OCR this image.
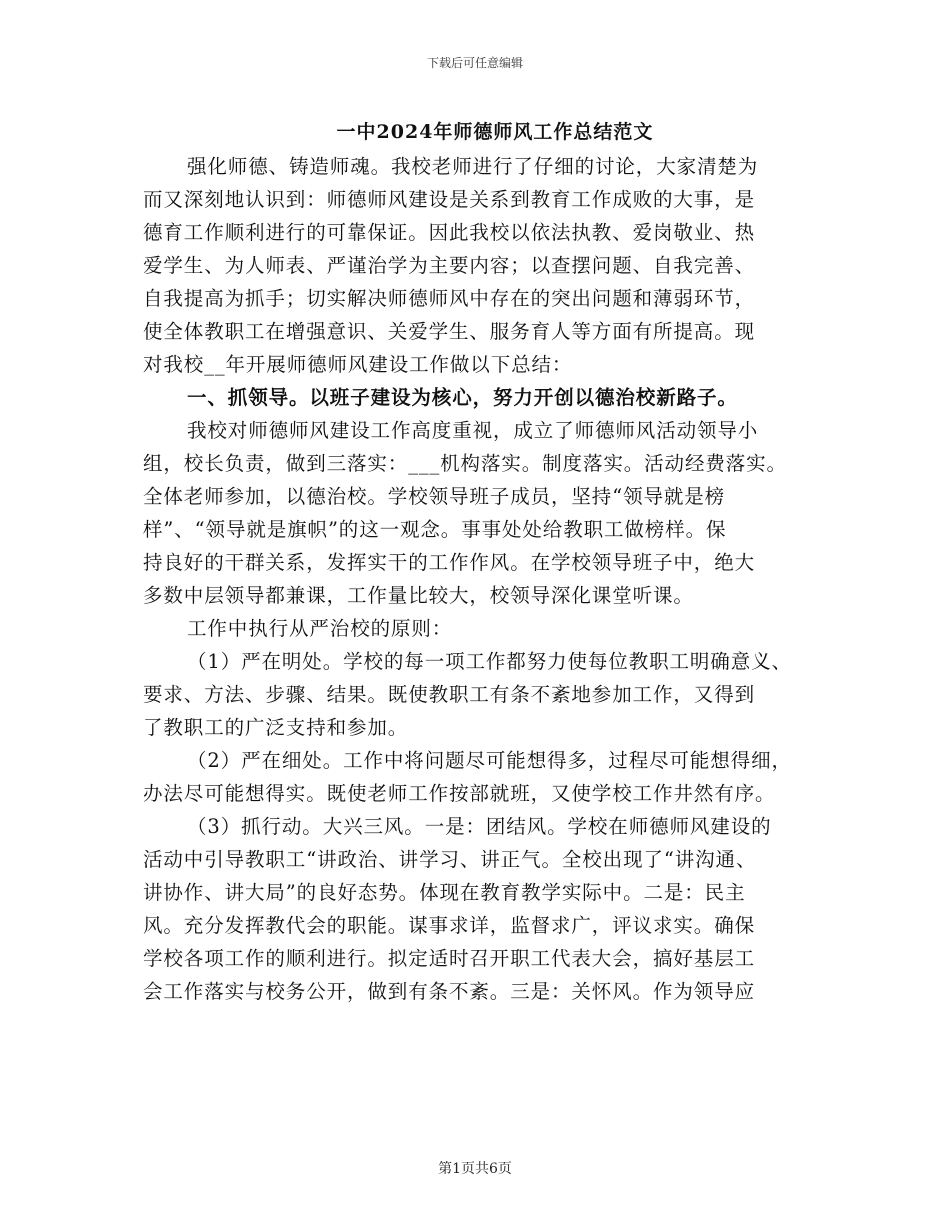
下载后可任意编辑
一中2024年师德师风工作总结范文
强化师德、铸造师魂。我校老师进行了仔细的讨论，大家清楚为
而又深刻地认识到：师德师风建设是关系到教育工作成败的大事，是
德育工作顺利进行的可靠保证。因此我校以依法执教、爱岗敬业、热
爱学生、为人师表、严谨治学为主要内容；以查摆问题、自我完善、
自我提高为抓手；切实解决师德师风中存在的突出问题和薄弱环节，
使全体教职工在增强意识、关爱学生、服务育人等方面有所提高。现
对我校__年开展师德师风建设工作做以下总结：
一、抓领导。以班子建设为核心，努力开创以德治校新路子。
我校对师德师风建设工作高度重视，成立了师德师风活动领导小
组，校长负责，做到三落实：___机构落实。制度落实。活动经费落实。
全体老师参加，以德治校。学校领导班子成员，坚持“领导就是榜
样”、“领导就是旗帜”的这一观念。事事处处给教职工做榜样。保
持良好的干群关系，发挥实干的工作作风。在学校领导班子中，绝大
多数中层领导都兼课，工作量比较大，校领导深化课堂听课。
工作中执行从严治校的原则：
（1）严在明处。学校的每一项工作都努力使每位教职工明确意义、
要求、方法、步骤、结果。既使教职工有条不紊地参加工作，又得到
了教职工的广泛支持和参加。
（2）严在细处。工作中将问题尽可能想得多，过程尽可能想得细，
办法尽可能想得实。既使老师工作按部就班，又使学校工作井然有序。
（3）抓行动。大兴三风。一是：团结风。学校在师德师风建设的
活动中引导教职工“讲政治、讲学习、讲正气。全校出现了“讲沟通、
讲协作、讲大局”的良好态势。体现在教育教学实际中。二是：民主
风。充分发挥教代会的职能。谋事求详，监督求广，评议求实。确保
学校各项工作的顺利进行。拟定适时召开职工代表大会，搞好基层工
会工作落实与校务公开，做到有条不紊。三是：关怀风。作为领导应
第1页共6页
